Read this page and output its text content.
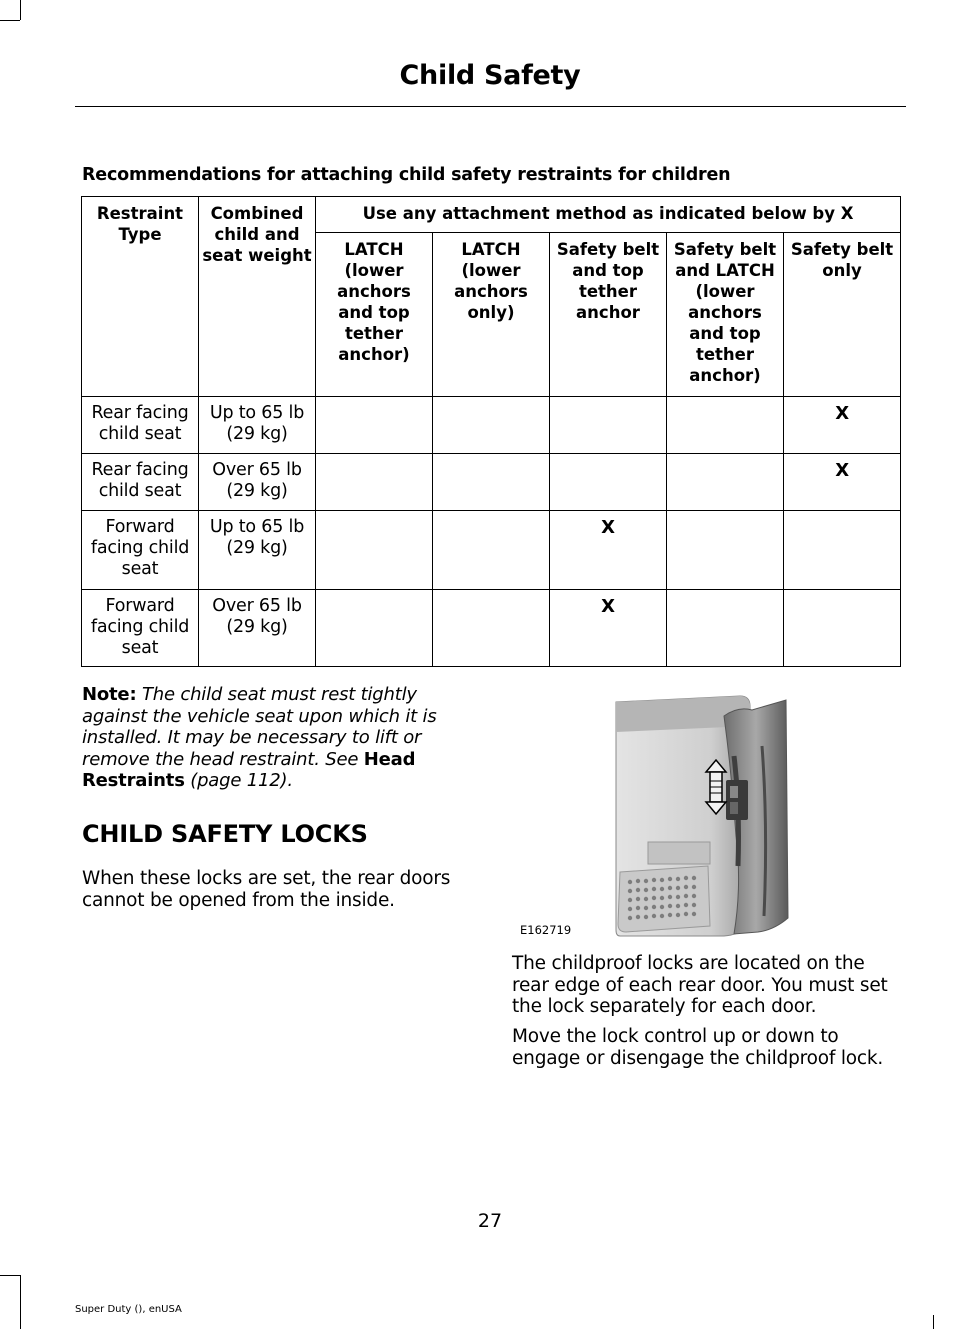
Child Safety
Recommendations for attaching child safety restraints for children
Restraint Type	Combined child and seat weight	Use any attachment method as indicated below by X				
		LATCH (lower anchors and top tether anchor)	LATCH (lower anchors only)	Safety belt and top tether anchor	Safety belt and LATCH (lower anchors and top tether anchor)	Safety belt only
Rear facing child seat	Up to 65 lb (29 kg)					X
Rear facing child seat	Over 65 lb (29 kg)					X
Forward facing child seat	Up to 65 lb (29 kg)			X		
Forward facing child seat	Over 65 lb (29 kg)			X		
Note: The child seat must rest tightly against the vehicle seat upon which it is installed. It may be necessary to lift or remove the head restraint. See Head Restraints (page 112).
CHILD SAFETY LOCKS
When these locks are set, the rear doors cannot be opened from the inside.
E162719
The childproof locks are located on the rear edge of each rear door. You must set the lock separately for each door.
Move the lock control up or down to engage or disengage the childproof lock.
27
Super Duty (), enUSA
